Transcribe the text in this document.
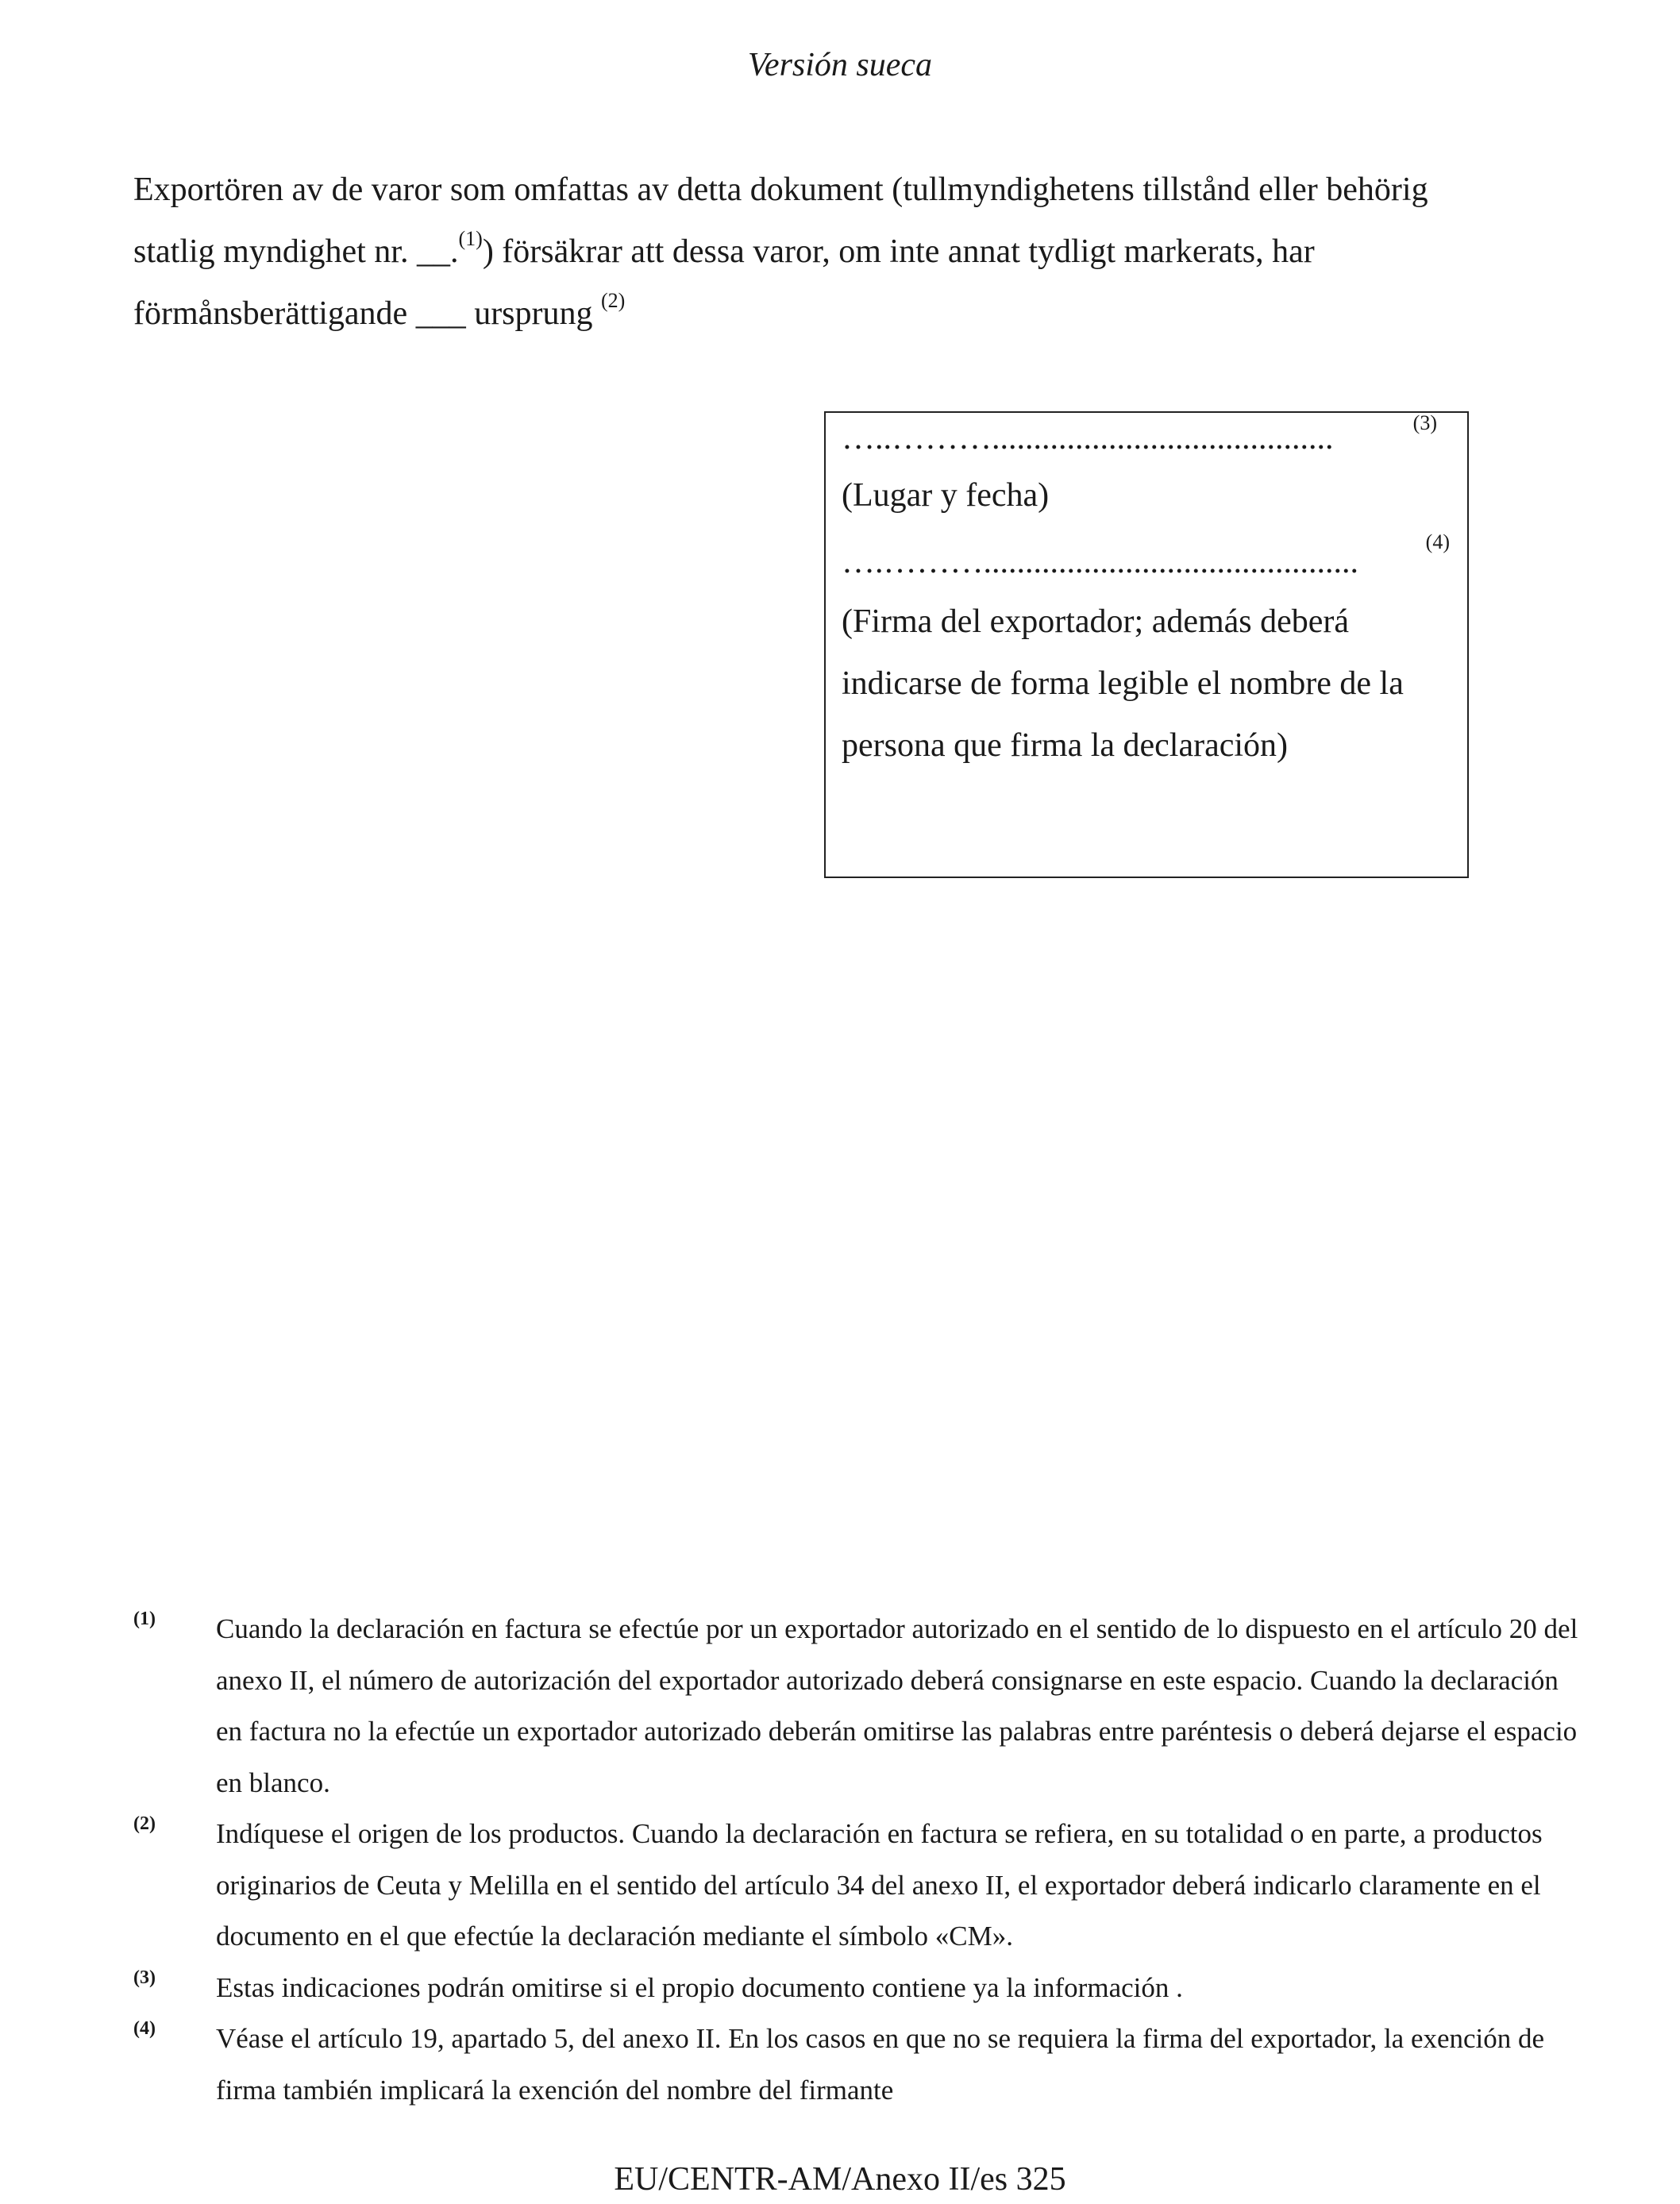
Versión sueca
Exportören av de varor som omfattas av detta dokument (tullmyndighetens tillstånd eller behörig
statlig myndighet nr. __.$^{(1)}$) försäkrar att dessa varor, om inte annat tydligt markerats, har
förmånsberättigande ___ ursprung $^{(2)}$
…..……….........................................	(3)
(Lugar y fecha)
….……….............................................
(4)
(Firma del exportador; además deberá indicarse de forma legible el nombre de la persona que firma la declaración)
(1) Cuando la declaración en factura se efectúe por un exportador autorizado en el sentido de lo dispuesto en el artículo 20 del anexo II, el número de autorización del exportador autorizado deberá consignarse en este espacio. Cuando la declaración en factura no la efectúe un exportador autorizado deberán omitirse las palabras entre paréntesis o deberá dejarse el espacio en blanco.
(2) Indíquese el origen de los productos. Cuando la declaración en factura se refiera, en su totalidad o en parte, a productos originarios de Ceuta y Melilla en el sentido del artículo 34 del anexo II, el exportador deberá indicarlo claramente en el documento en el que efectúe la declaración mediante el símbolo «CM».
(3) Estas indicaciones podrán omitirse si el propio documento contiene ya la información .
(4) Véase el artículo 19, apartado 5, del anexo II. En los casos en que no se requiera la firma del exportador, la exención de firma también implicará la exención del nombre del firmante
EU/CENTR-AM/Anexo II/es 325
